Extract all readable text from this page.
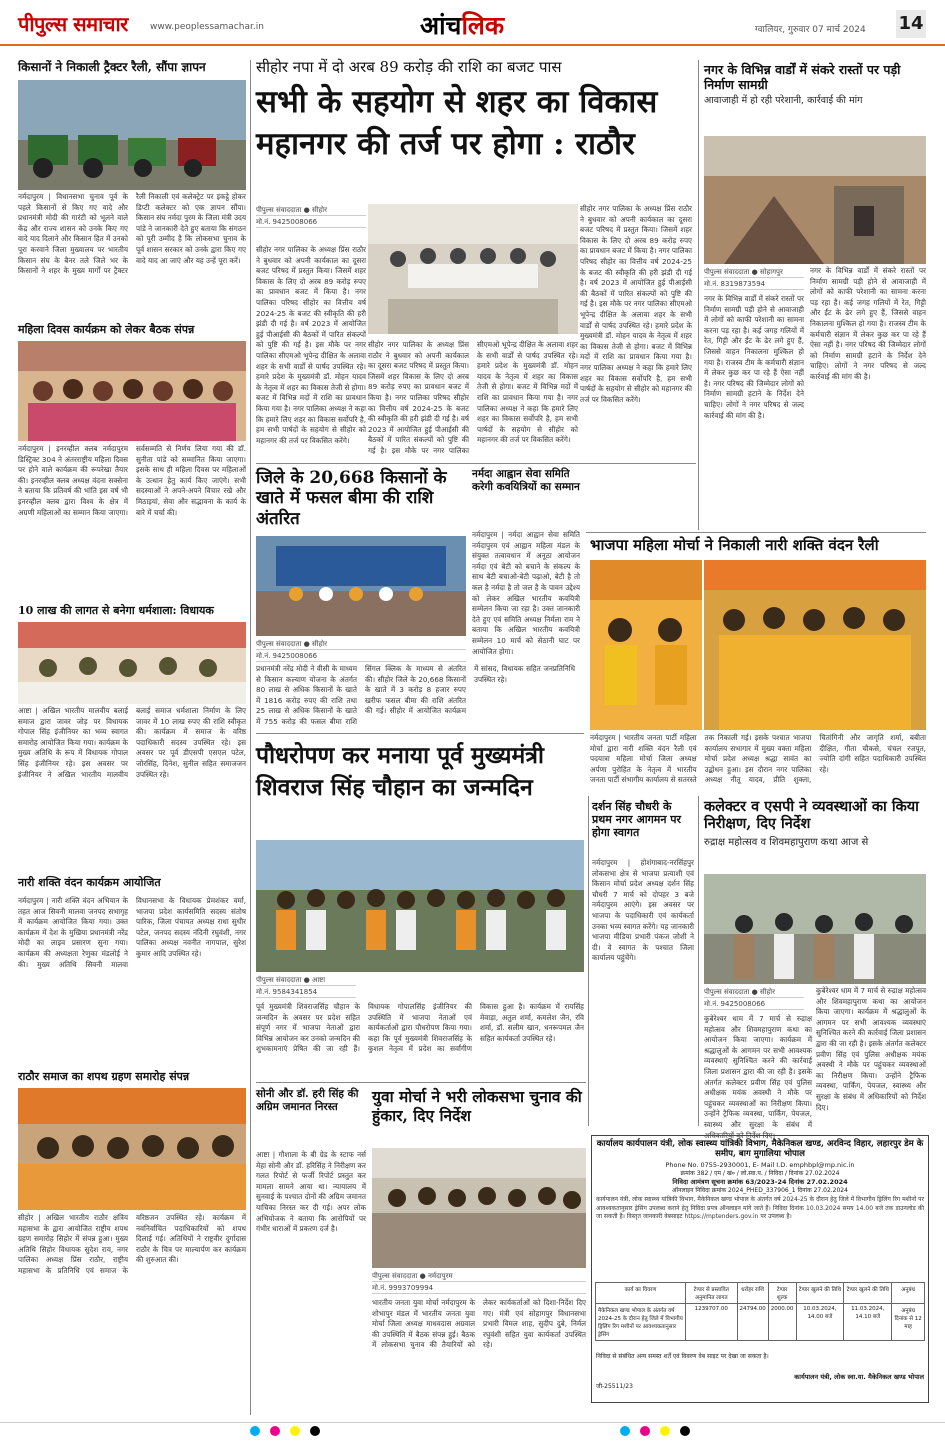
पीपुल्स समाचार www.peoplessamachar.in	आंचलिक	ग्वालियर, गुरुवार 07 मार्च 2024 14
किसानों ने निकाली ट्रैक्टर रैली, सौंपा ज्ञापन
नर्मदापुरम | विधानसभा चुनाव पूर्व के पहले किसानों से किए गए वादे और प्रधानमंत्री मोदी की गारंटी को भूलने वाले केंद्र और राज्य शासन को उनके किए गए वादे याद दिलाने और किसान हित में उनको पूरा करवाने जिला मुख्यालय पर भारतीय किसान संघ के बैनर तले जिले भर के किसानों ने शहर के मुख्य मार्गों पर ट्रैक्टर रैली निकाली एवं कलेक्ट्रेट पर इकट्ठे होकर डिप्टी कलेक्टर को एक ज्ञापन सौंपा। किसान संघ नर्मदा पुरम के जिला मंत्री उदय पांडे ने जानकारी देते हुए बताया कि संगठन को पूरी उम्मीद है कि लोकसभा चुनाव के पूर्व शासन सरकार को उनके द्वारा किए गए वादे याद आ जाएं और यह उन्हें पूरा करें।
महिला दिवस कार्यक्रम को लेकर बैठक संपन्न
नर्मदापुरम | इनरव्हील क्लब नर्मदापुरम डिस्ट्रिक्ट 304 ने अंतरराष्ट्रीय महिला दिवस पर होने वाले कार्यक्रम की रूपरेखा तैयार की। इनरव्हील क्लब अध्यक्ष वंदना सक्सेना ने बताया कि प्रतिवर्ष की भांति इस वर्ष भी इनरव्हील क्लब द्वारा विश्व के क्षेत्र में अग्रणी महिलाओं का सम्मान किया जाएगा। सर्वसम्मति से निर्णय लिया गया की डॉ. सुनीता पांडे को सम्मानित किया जाएगा। इसके साथ ही महिला दिवस पर महिलाओं के उत्थान हेतु कार्य किए जाएंगे। सभी सदस्याओं ने अपने-अपने विचार रखे और मिठाइयां, सेवा और सद्भावना के कार्य के बारे में चर्चा की।
10 लाख की लागत से बनेगा धर्मशाला: विधायक
आष्टा | अखिल भारतीय मालवीय बलाई समाज द्वारा जावर जोड़ पर विधायक गोपाल सिंह इंजीनियर का भव्य स्वागत समारोह आयोजित किया गया। कार्यक्रम के मुख्य अतिथि के रूप में विधायक गोपाल सिंह इंजीनियर रहे। इस अवसर पर इंजीनियर ने अखिल भारतीय मालवीय बलाई समाज धर्मशाला निर्माण के लिए जावर में 10 लाख रुपए की राशि स्वीकृत की। कार्यक्रम में समाज के वरिष्ठ पदाधिकारी सदस्य उपस्थित रहे। इस अवसर पर पूर्व डीएसपी एसएल पटेल, जोरसिंह, दिनेश, सुनील सहित समाजजन उपस्थित रहे।
नारी शक्ति वंदन कार्यक्रम आयोजित
नर्मदापुरम | नारी शक्ति वंदन अभियान के तहत आज सिवनी मालवा जनपद सभागृह में कार्यक्रम आयोजित किया गया। उक्त कार्यक्रम में देश के मुखिया प्रधानमंत्री नरेंद्र मोदी का लाइव प्रसारण सुना गया। कार्यक्रम की अध्यक्षता रेणुका मंडलोई ने की। मुख्य अतिथि सिवनी मालवा विधानसभा के विधायक प्रेमशंकर वर्मा, भाजपा प्रदेश कार्यसमिति सदस्य संतोष पारिक, जिला पंचायत अध्यक्ष राधा सुधीर पटेल, जनपद सदस्य नंदिनी रघुवंशी, नगर पालिका अध्यक्ष नवनीत नागपाल, सुरेश कुमार आदि उपस्थित रहे।
राठौर समाज का शपथ ग्रहण समारोह संपन्न
सीहोर | अखिल भारतीय राठौर क्षत्रिय महासभा के द्वारा आयोजित राष्ट्रीय शपथ ग्रहण समारोह सिहोर में संपन्न हुआ। मुख्य अतिथि सिहोर विधायक सुदेश राय, नगर पालिका अध्यक्ष प्रिंस राठौर, राष्ट्रीय महासभा के प्रतिनिधि एवं समाज के वरिष्ठजन उपस्थित रहे। कार्यक्रम में नवनिर्वाचित पदाधिकारियों को शपथ दिलाई गई। अतिथियों ने राष्ट्रवीर दुर्गादास राठौर के चित्र पर माल्यार्पण कर कार्यक्रम की शुरुआत की।
सीहोर नपा में दो अरब 89 करोड़ की राशि का बजट पास
सभी के सहयोग से शहर का विकास महानगर की तर्ज पर होगा : राठौर
पीपुल्स संवाददाता ● सीहोर
मो.नं. 9425008066
सीहोर नगर पालिका के अध्यक्ष प्रिंस राठौर ने बुधवार को अपनी कार्यकाल का दूसरा बजट परिषद में प्रस्तुत किया। जिसमें शहर विकास के लिए दो अरब 89 करोड़ रुपए का प्रावधान बजट में किया है। नगर पालिका परिषद सीहोर का वित्तीय वर्ष 2024-25 के बजट की स्वीकृति की हरी झंडी दी गई है। वर्ष 2023 में आयोजित हुई पीआईसी की बैठकों में पारित संकल्पों को पुष्टि की गई है। इस मौके पर नगर पालिका सीएमओ भूपेन्द्र दीक्षित के अलावा शहर के सभी वार्डों से पार्षद उपस्थित रहे। हमारे प्रदेश के मुख्यमंत्री डॉ. मोहन यादव के नेतृत्व में शहर का विकास तेजी से होगा। बजट में विभिन्न मदों में राशि का प्रावधान किया गया है। नगर पालिका अध्यक्ष ने कहा कि हमारे लिए शहर का विकास सर्वोपरि है, हम सभी पार्षदों के सहयोग से सीहोर को महानगर की तर्ज पर विकसित करेंगे।
सीहोर नगर पालिका के अध्यक्ष प्रिंस राठौर ने बुधवार को अपनी कार्यकाल का दूसरा बजट परिषद में प्रस्तुत किया। जिसमें शहर विकास के लिए दो अरब 89 करोड़ रुपए का प्रावधान बजट में किया है। नगर पालिका परिषद सीहोर का वित्तीय वर्ष 2024-25 के बजट की स्वीकृति की हरी झंडी दी गई है। वर्ष 2023 में आयोजित हुई पीआईसी की बैठकों में पारित संकल्पों को पुष्टि की गई है। इस मौके पर नगर पालिका सीएमओ भूपेन्द्र दीक्षित के अलावा शहर के सभी वार्डों से पार्षद उपस्थित रहे। हमारे प्रदेश के मुख्यमंत्री डॉ. मोहन यादव के नेतृत्व में शहर का विकास तेजी से होगा। बजट में विभिन्न मदों में राशि का प्रावधान किया गया है। नगर पालिका अध्यक्ष ने कहा कि हमारे लिए शहर का विकास सर्वोपरि है, हम सभी पार्षदों के सहयोग से सीहोर को महानगर की तर्ज पर विकसित करेंगे।
सीहोर नगर पालिका के अध्यक्ष प्रिंस राठौर ने बुधवार को अपनी कार्यकाल का दूसरा बजट परिषद में प्रस्तुत किया। जिसमें शहर विकास के लिए दो अरब 89 करोड़ रुपए का प्रावधान बजट में किया है। नगर पालिका परिषद सीहोर का वित्तीय वर्ष 2024-25 के बजट की स्वीकृति की हरी झंडी दी गई है। वर्ष 2023 में आयोजित हुई पीआईसी की बैठकों में पारित संकल्पों को पुष्टि की गई है। इस मौके पर नगर पालिका सीएमओ भूपेन्द्र दीक्षित के अलावा शहर के सभी वार्डों से पार्षद उपस्थित रहे। हमारे प्रदेश के मुख्यमंत्री डॉ. मोहन यादव के नेतृत्व में शहर का विकास तेजी से होगा। बजट में विभिन्न मदों में राशि का प्रावधान किया गया है। नगर पालिका अध्यक्ष ने कहा कि हमारे लिए शहर का विकास सर्वोपरि है, हम सभी पार्षदों के सहयोग से सीहोर को महानगर की तर्ज पर विकसित करेंगे।
जिले के 20,668 किसानों के खाते में फसल बीमा की राशि अंतरित
पीपुल्स संवाददाता ● सीहोर
मो.नं. 9425008066
प्रधानमंत्री नरेंद्र मोदी ने वीसी के माध्यम से किसान कल्याण योजना के अंतर्गत 80 लाख से अधिक किसानों के खाते में 1816 करोड़ रुपए की राशि तथा 25 लाख से अधिक किसानों के खाते में 755 करोड़ की फसल बीमा राशि सिंगल क्लिक के माध्यम से अंतरित की। सीहोर जिले के 20,668 किसानों के खाते में 3 करोड़ 8 हजार रुपए खरीफ फसल बीमा की राशि अंतरित की गई। सीहोर में आयोजित कार्यक्रम में सांसद, विधायक सहित जनप्रतिनिधि उपस्थित रहे।
नर्मदा आह्वान सेवा समिति करेगी कवयित्रियों का सम्मान
नर्मदापुरम | नर्मदा आह्वान सेवा समिति नर्मदापुरम एवं आह्वान महिला मंडल के संयुक्त तत्वावधान में अनूठा आयोजन नर्मदा एवं बेटी को बचाने के संकल्प के साथ बेटी बचाओ-बेटी पढ़ाओ, बेटी है तो कल है नर्मदा है तो जल है के पावन उद्देश्य को लेकर अखिल भारतीय कवयित्री सम्मेलन किया जा रहा है। उक्त जानकारी देते हुए एवं समिति अध्यक्ष निर्मला राम ने बताया कि अखिल भारतीय कवयित्री सम्मेलन 10 मार्च को सेठानी घाट पर आयोजित होगा।
नगर के विभिन्न वार्डों में संकरे रास्तों पर पड़ी निर्माण सामग्री
आवाजाही में हो रही परेशानी, कार्रवाई की मांग
पीपुल्स संवाददाता ● सोहागपुर
मो.नं. 8319873594
नगर के विभिन्न वार्डों में संकरे रास्तों पर निर्माण सामग्री पड़ी होने से आवाजाही में लोगों को काफी परेशानी का सामना करना पड़ रहा है। कई जगह गलियों में रेत, गिट्टी और ईंट के ढेर लगे हुए हैं, जिससे वाहन निकालना मुश्किल हो गया है। राजस्व टीम के कर्मचारी संज्ञान में लेकर कुछ कर पा रहे हैं ऐसा नहीं है। नगर परिषद की जिम्मेदार लोगों को निर्माण सामग्री हटाने के निर्देश देने चाहिए। लोगों ने नगर परिषद से जल्द कार्रवाई की मांग की है।
नगर के विभिन्न वार्डों में संकरे रास्तों पर निर्माण सामग्री पड़ी होने से आवाजाही में लोगों को काफी परेशानी का सामना करना पड़ रहा है। कई जगह गलियों में रेत, गिट्टी और ईंट के ढेर लगे हुए हैं, जिससे वाहन निकालना मुश्किल हो गया है। राजस्व टीम के कर्मचारी संज्ञान में लेकर कुछ कर पा रहे हैं ऐसा नहीं है। नगर परिषद की जिम्मेदार लोगों को निर्माण सामग्री हटाने के निर्देश देने चाहिए। लोगों ने नगर परिषद से जल्द कार्रवाई की मांग की है।
भाजपा महिला मोर्चा ने निकाली नारी शक्ति वंदन रैली
नर्मदापुरम | भारतीय जनता पार्टी महिला मोर्चा द्वारा नारी शक्ति वंदन रैली एवं पदयात्रा महिला मोर्चा जिला अध्यक्ष अर्पणा पुरोहित के नेतृत्व में भारतीय जनता पार्टी संभागीय कार्यालय से सतरस्ते तक निकाली गई। इसके पश्चात भाजपा कार्यालय सभागार में मुख्य वक्ता महिला मोर्चा प्रदेश अध्यक्ष श्रद्धा सावंत का उद्बोधन हुआ। इस दौरान नगर पालिका अध्यक्ष नीतू यादव, प्रीति शुक्ला, चितांगिनी और जागृति शर्मा, बबीता दीक्षित, गीता चौकसे, चंचल रजपूत, ज्योति दांगी सहित पदाधिकारी उपस्थित रहे।
पौधरोपण कर मनाया पूर्व मुख्यमंत्री शिवराज सिंह चौहान का जन्मदिन
पीपुल्स संवाददाता ● आष्टा
मो.नं. 9584341854
पूर्व मुख्यमंत्री शिवराजसिंह चौहान के जन्मदिन के अवसर पर प्रदेश सहित संपूर्ण नगर में भाजपा नेताओं द्वारा विभिन्न आयोजन कर उनको जन्मदिन की शुभकामनाएं प्रेषित की जा रही हैं। विधायक गोपालसिंह इंजीनियर की उपस्थिति में भाजपा नेताओं एवं कार्यकर्ताओं द्वारा पौधरोपण किया गया। कहा कि पूर्व मुख्यमंत्री शिवराजसिंह के कुशल नेतृत्व में प्रदेश का सर्वांगीण विकास हुआ है। कार्यक्रम में रायसिंह मेवाड़ा, अतुल शर्मा, कमलेश जैन, रवि शर्मा, डॉ. सलीम खान, धनरूपमल जैन सहित कार्यकर्ता उपस्थित रहे।
दर्शन सिंह चौधरी के प्रथम नगर आगमन पर होगा स्वागत
नर्मदापुरम | होशंगाबाद-नरसिंहपुर लोकसभा क्षेत्र से भाजपा प्रत्याशी एवं किसान मोर्चा प्रदेश अध्यक्ष दर्शन सिंह चौधरी 7 मार्च को दोपहर 3 बजे नर्मदापुरम आएंगे। इस अवसर पर भाजपा के पदाधिकारी एवं कार्यकर्ता उनका भव्य स्वागत करेंगे। यह जानकारी भाजपा मीडिया प्रभारी पंकज जोशी ने दी। वे स्वागत के पश्चात जिला कार्यालय पहुंचेंगे।
कलेक्टर व एसपी ने व्यवस्थाओं का किया निरीक्षण, दिए निर्देश
रुद्राक्ष महोत्सव व शिवमहापुराण कथा आज से
पीपुल्स संवाददाता ● सीहोर
मो.नं. 9425008066
कुबेरेश्वर धाम में 7 मार्च से रुद्राक्ष महोत्सव और शिवमहापुराण कथा का आयोजन किया जाएगा। कार्यक्रम में श्रद्धालुओं के आगमन पर सभी आवश्यक व्यवस्थाएं सुनिश्चित करने की कार्रवाई जिला प्रशासन द्वारा की जा रही है। इसके अंतर्गत कलेक्टर प्रवीण सिंह एवं पुलिस अधीक्षक मयंक अवस्थी ने मौके पर पहुंचकर व्यवस्थाओं का निरीक्षण किया। उन्होंने ट्रैफिक व्यवस्था, पार्किंग, पेयजल, स्वास्थ्य और सुरक्षा के संबंध में अधिकारियों को निर्देश दिए।
कुबेरेश्वर धाम में 7 मार्च से रुद्राक्ष महोत्सव और शिवमहापुराण कथा का आयोजन किया जाएगा। कार्यक्रम में श्रद्धालुओं के आगमन पर सभी आवश्यक व्यवस्थाएं सुनिश्चित करने की कार्रवाई जिला प्रशासन द्वारा की जा रही है। इसके अंतर्गत कलेक्टर प्रवीण सिंह एवं पुलिस अधीक्षक मयंक अवस्थी ने मौके पर पहुंचकर व्यवस्थाओं का निरीक्षण किया। उन्होंने ट्रैफिक व्यवस्था, पार्किंग, पेयजल, स्वास्थ्य और सुरक्षा के संबंध में अधिकारियों को निर्देश दिए।
सोनी और डॉ. हरी सिंह की अग्रिम जमानत निरस्त
आष्टा | गौशाला के बी ग्रेड के स्टाफ नर्स मेहा सोनी और डॉ. हरिसिंह ने निरीक्षण कर गलत रिपोर्ट से फर्जी रिपोर्ट प्रस्तुत कर मामला सामने आया था। न्यायालय में सुनवाई के पश्चात दोनों की अग्रिम जमानत याचिका निरस्त कर दी गई। अपर लोक अभियोजक ने बताया कि आरोपियों पर गंभीर धाराओं में प्रकरण दर्ज है।
युवा मोर्चा ने भरी लोकसभा चुनाव की हुंकार, दिए निर्देश
पीपुल्स संवाददाता ● नर्मदापुरम
मो.नं. 9993709994
भारतीय जनता युवा मोर्चा नर्मदापुरम के शोभापुर मंडल में भारतीय जनता युवा मोर्चा जिला अध्यक्ष माधवदास अग्रवाल की उपस्थिति में बैठक संपन्न हुई। बैठक में लोकसभा चुनाव की तैयारियों को लेकर कार्यकर्ताओं को दिशा-निर्देश दिए गए। मंत्री एवं सोहागपुर विधानसभा प्रभारी विमल शाह, सुदीप दुबे, निर्मल रघुवंशी सहित युवा कार्यकर्ता उपस्थित रहे।
कार्यालय कार्यपालन यंत्री, लोक स्वास्थ्य यांत्रिकी विभाग, मैकेनिकल खण्ड, अरविन्द विहार, लहारपुर डेम के समीप, बाग मुगालिया भोपाल
Phone No. 0755-2930001, E- Mail I.D. emphbpl@mp.nic.in
क्रमांक 382 / एम / खं० / लो.स्वा.य. / निविदा / दिनांक 27.02.2024
निविदा आमंत्रण सूचना क्रमांक 63/2023-24 दिनांक 27.02.2024
ऑनलाइन निविदा क्रमांक 2024_PHED_337906_1 दिनांक 27.02.2024
कार्यपालन यंत्री, लोक स्वास्थ्य यांत्रिकी विभाग, मैकेनिकल खण्ड भोपाल के अंतर्गत वर्ष 2024-25 के दौरान हेतु जिले में विभागीय ड्रिलिंग रिग मशीनों पर आवश्यकतानुसार ड्रेसिंग उपलब्ध कराने हेतु निविदा प्रपत्र ऑनलाइन मांगे जाते हैं। निविदा दिनांक 10.03.2024 समय 14.00 बजे तक डाउनलोड की जा सकती है। विस्तृत जानकारी वेबसाइट https://mptenders.gov.in पर उपलब्ध है।
कार्य का विवरण	टेण्डर से प्रस्तावित अनुमानित लागत	धरोहर राशि	टेण्डर शुल्क	टेण्डर खुलने की तिथि	टेण्डर खुलने की तिथि	अनुबंध
मैकेनिकल खण्ड भोपाल के अंतर्गत वर्ष 2024-25 के दौरान हेतु जिले में विभागीय ड्रिलिंग रिग मशीनों पर आवश्यकतानुसार ड्रेसिंग	1239707.00	24794.00	2000.00	10.03.2024, 14.00 बजे	11.03.2024, 14.10 बजे	अनुबंध दिनांक से 12 माह
निविदा से संबंधित अन्य समस्त शर्तें एवं विवरण वेब साइट पर देखा जा सकता है।
जी-25511/23
कार्यपालन यंत्री, लोक स्वा.या. मैकेनिकल खण्ड भोपाल
